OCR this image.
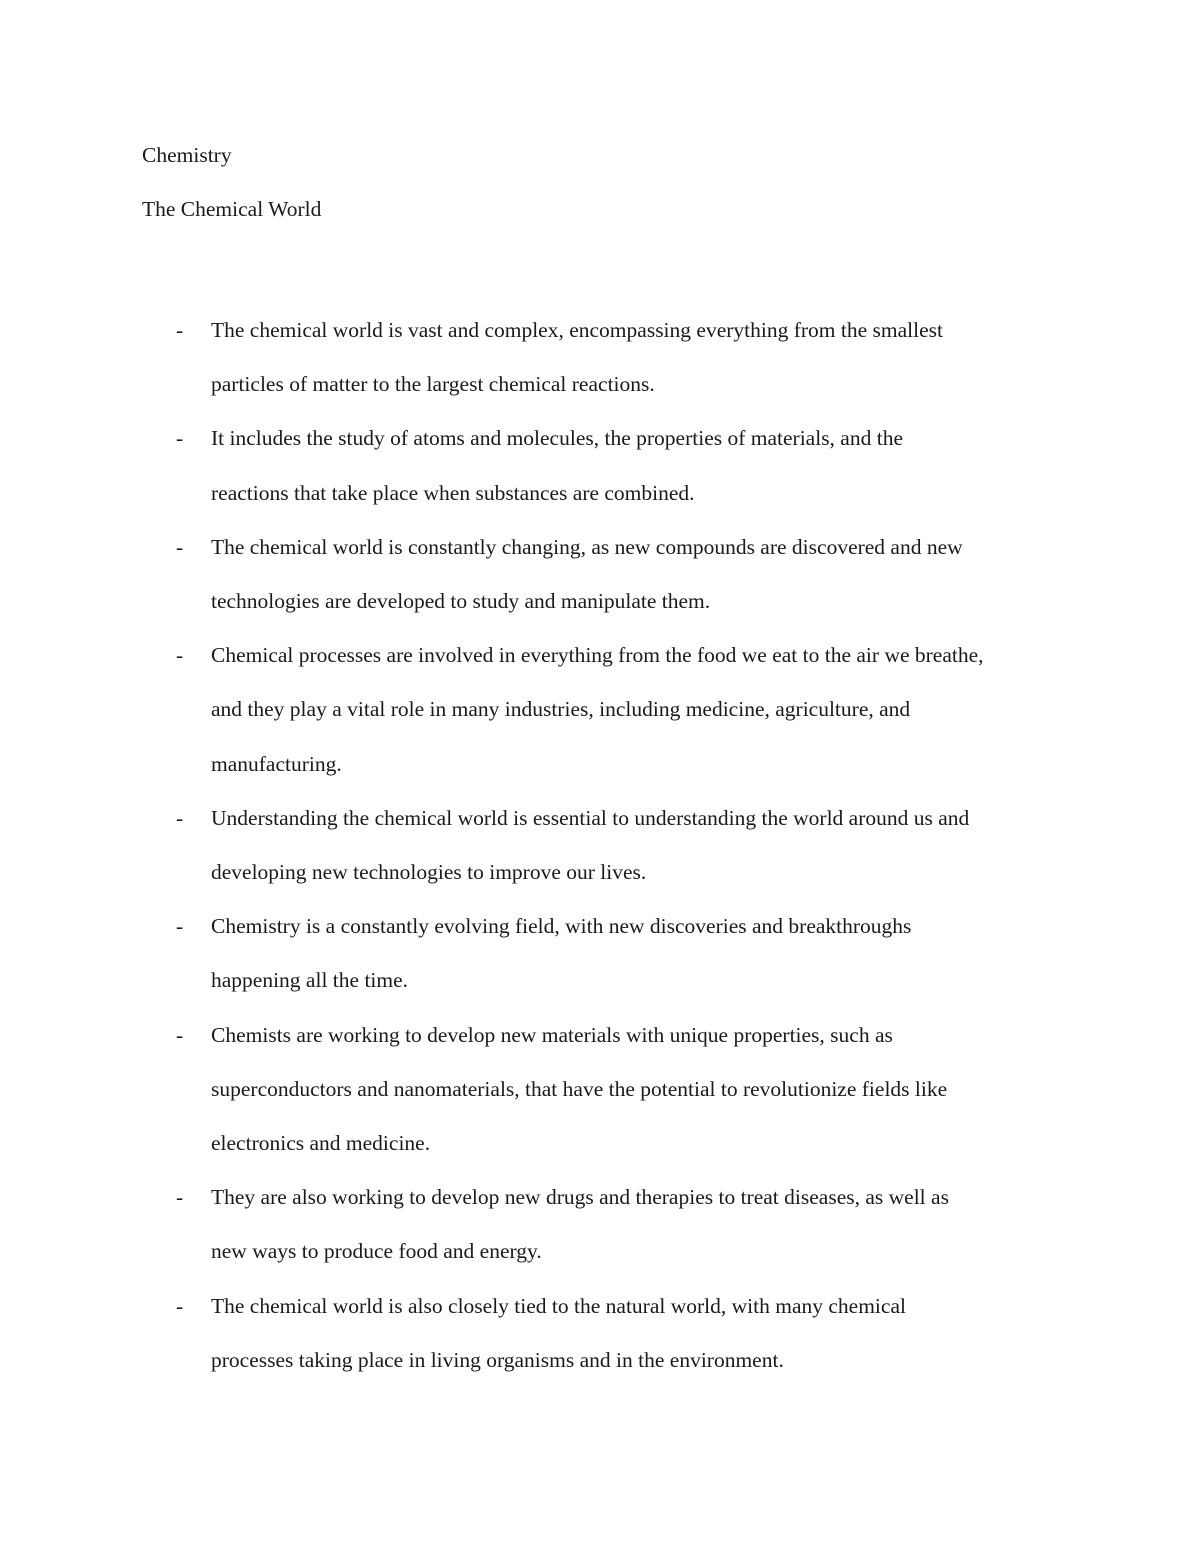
Chemistry
The Chemical World
- The chemical world is vast and complex, encompassing everything from the smallest
particles of matter to the largest chemical reactions.
- It includes the study of atoms and molecules, the properties of materials, and the
reactions that take place when substances are combined.
- The chemical world is constantly changing, as new compounds are discovered and new
technologies are developed to study and manipulate them.
- Chemical processes are involved in everything from the food we eat to the air we breathe,
and they play a vital role in many industries, including medicine, agriculture, and
manufacturing.
- Understanding the chemical world is essential to understanding the world around us and
developing new technologies to improve our lives.
- Chemistry is a constantly evolving field, with new discoveries and breakthroughs
happening all the time.
- Chemists are working to develop new materials with unique properties, such as
superconductors and nanomaterials, that have the potential to revolutionize fields like
electronics and medicine.
- They are also working to develop new drugs and therapies to treat diseases, as well as
new ways to produce food and energy.
- The chemical world is also closely tied to the natural world, with many chemical
processes taking place in living organisms and in the environment.
